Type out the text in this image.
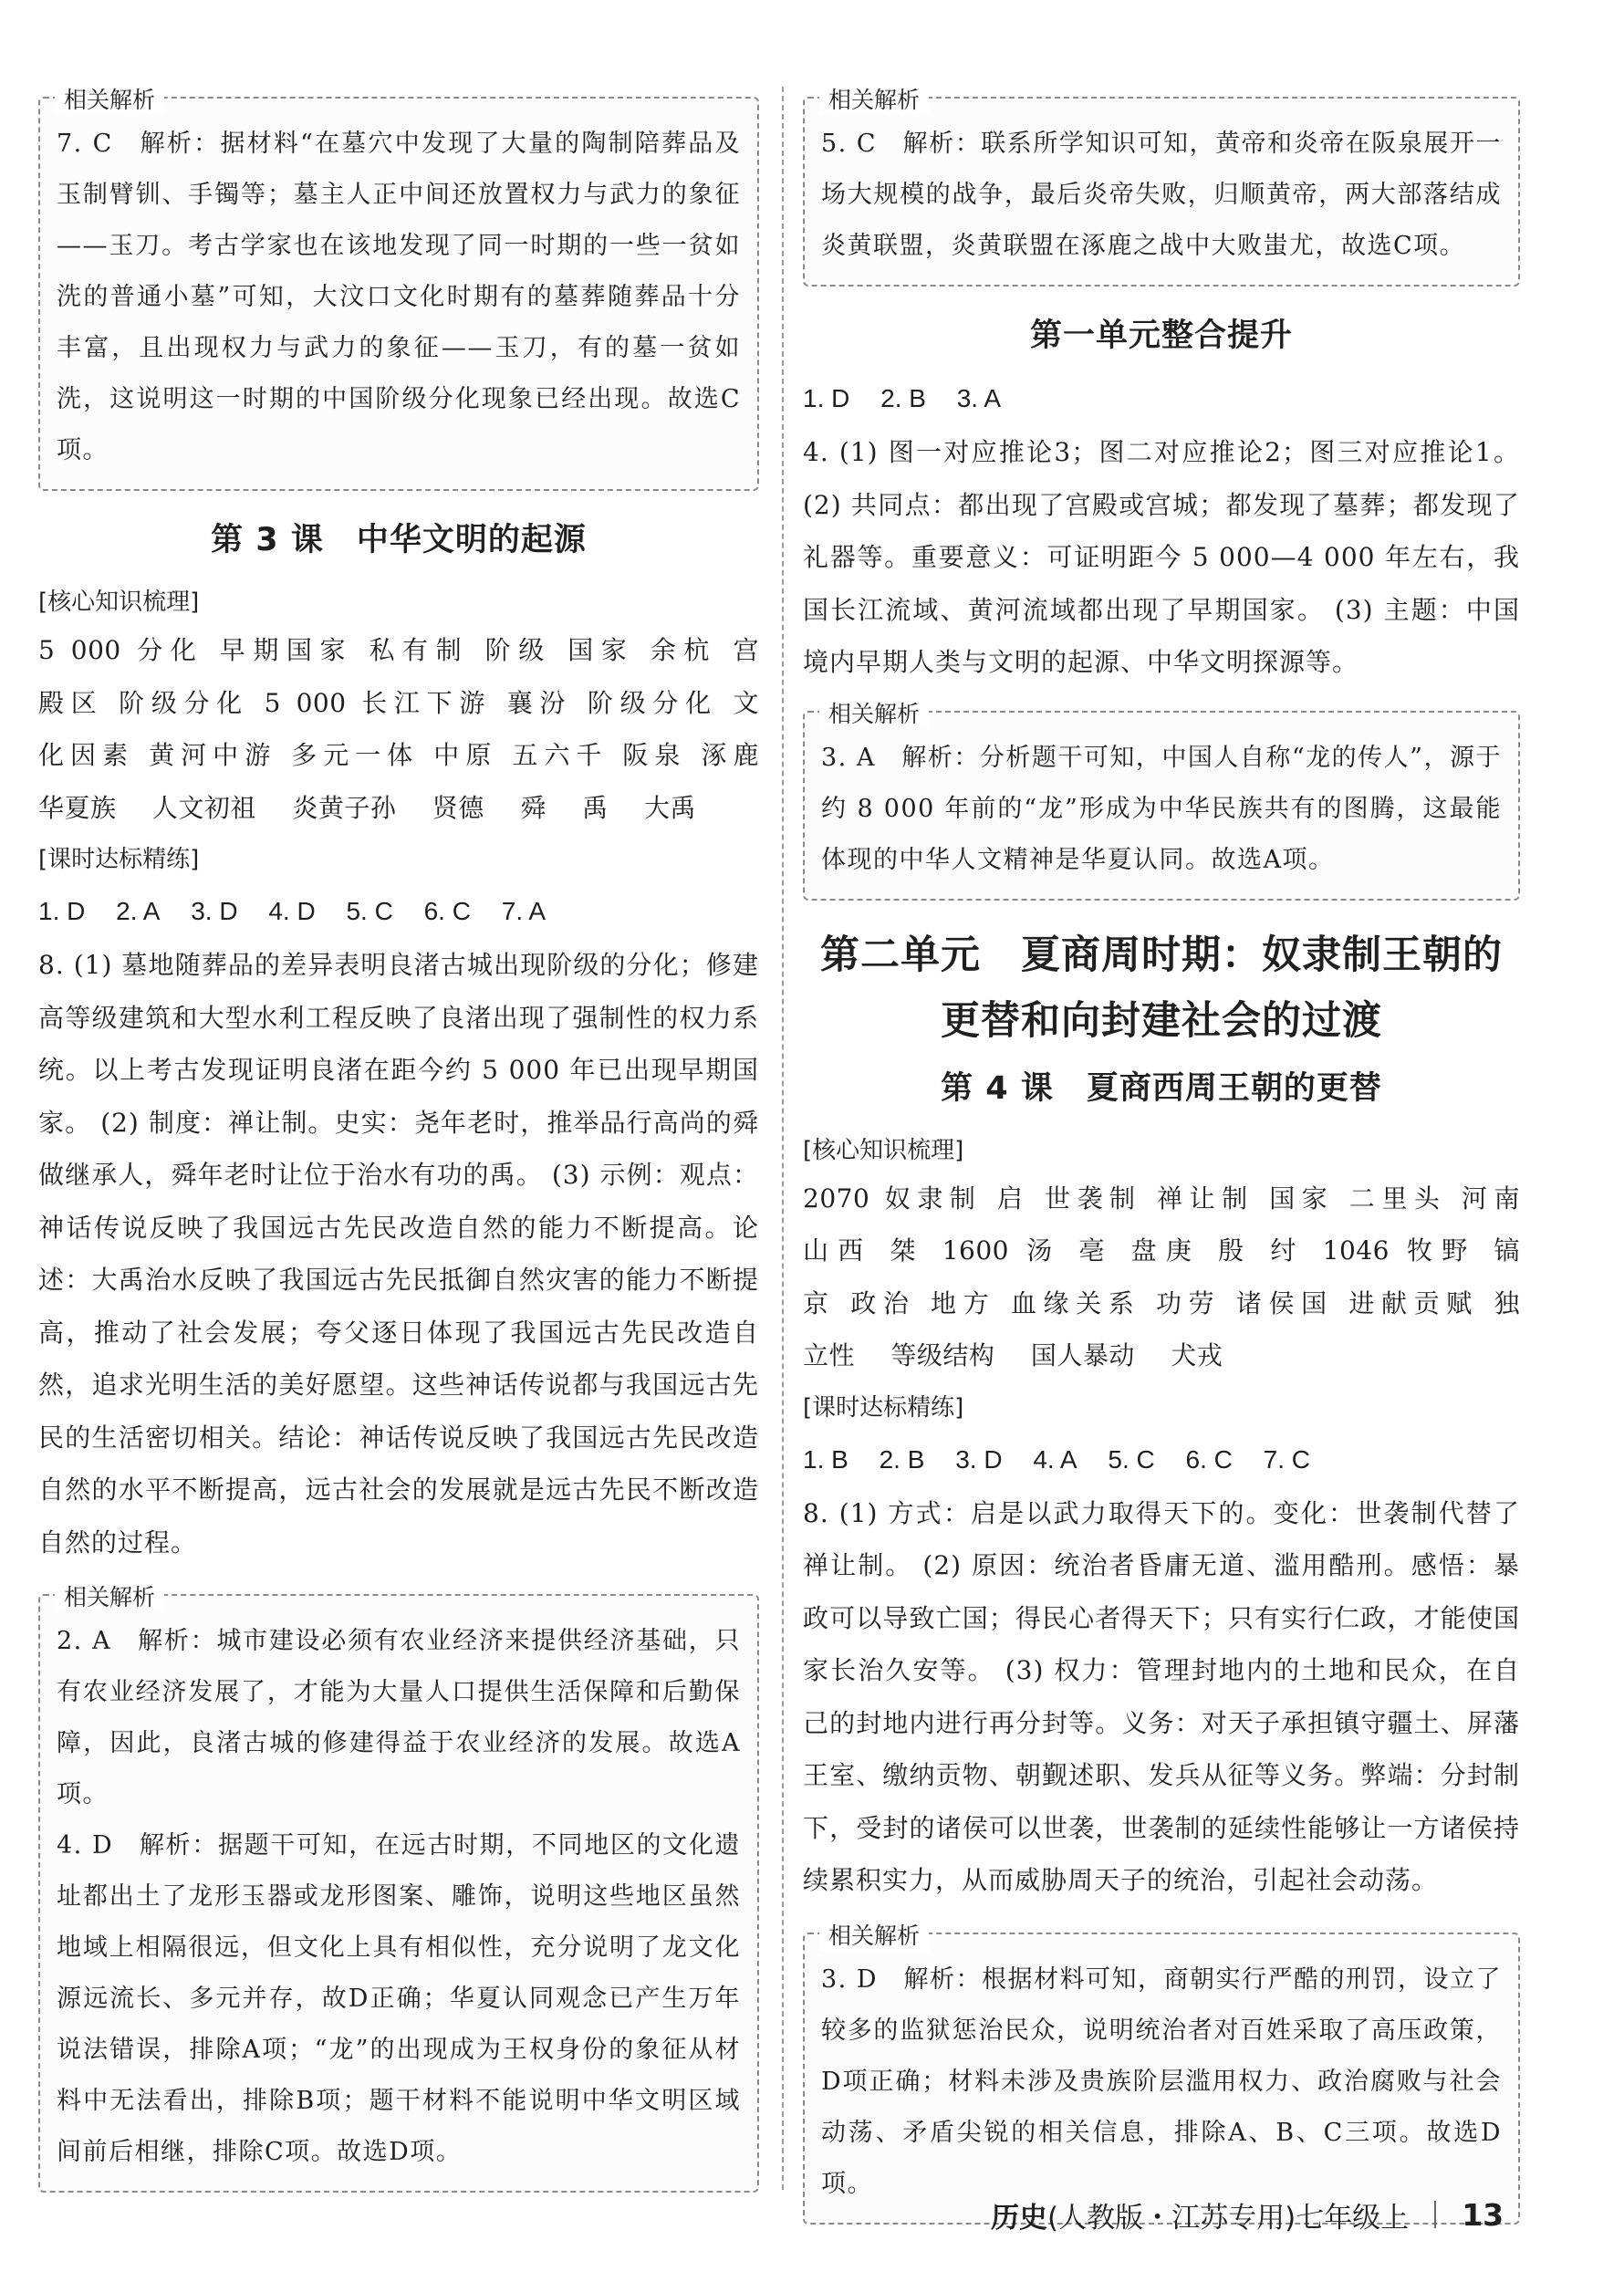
相关解析

7. C　解析：据材料“在墓穴中发现了大量的陶制陪葬品及玉制臂钏、手镯等；墓主人正中间还放置权力与武力的象征——玉刀。考古学家也在该地发现了同一时期的一些一贫如洗的普通小墓”可知，大汶口文化时期有的墓葬随葬品十分丰富，且出现权力与武力的象征——玉刀，有的墓一贫如洗，这说明这一时期的中国阶级分化现象已经出现。故选C项。

第 3 课　中华文明的起源
[核心知识梳理]

5 000 分化 早期国家 私有制 阶级 国家 余杭 宫

殿区 阶级分化 5 000 长江下游 襄汾 阶级分化 文

化因素 黄河中游 多元一体 中原 五六千 阪泉 涿鹿

华夏族 人文初祖 炎黄子孙 贤德 舜 禹 大禹

[课时达标精练]
1. D 2. A 3. D 4. D 5. C 6. C 7. A

8. (1) 墓地随葬品的差异表明良渚古城出现阶级的分化；修建高等级建筑和大型水利工程反映了良渚出现了强制性的权力系统。以上考古发现证明良渚在距今约 5 000 年已出现早期国家。 (2) 制度：禅让制。史实：尧年老时，推举品行高尚的舜做继承人，舜年老时让位于治水有功的禹。 (3) 示例：观点：神话传说反映了我国远古先民改造自然的能力不断提高。论述：大禹治水反映了我国远古先民抵御自然灾害的能力不断提高，推动了社会发展；夸父逐日体现了我国远古先民改造自然，追求光明生活的美好愿望。这些神话传说都与我国远古先民的生活密切相关。结论：神话传说反映了我国远古先民改造自然的水平不断提高，远古社会的发展就是远古先民不断改造自然的过程。

相关解析

2. A　解析：城市建设必须有农业经济来提供经济基础，只有农业经济发展了，才能为大量人口提供生活保障和后勤保障，因此，良渚古城的修建得益于农业经济的发展。故选A项。

4. D　解析：据题干可知，在远古时期，不同地区的文化遗址都出土了龙形玉器或龙形图案、雕饰，说明这些地区虽然地域上相隔很远，但文化上具有相似性，充分说明了龙文化源远流长、多元并存，故D正确；华夏认同观念已产生万年说法错误，排除A项；“龙”的出现成为王权身份的象征从材料中无法看出，排除B项；题干材料不能说明中华文明区域间前后相继，排除C项。故选D项。

相关解析

5. C　解析：联系所学知识可知，黄帝和炎帝在阪泉展开一场大规模的战争，最后炎帝失败，归顺黄帝，两大部落结成炎黄联盟，炎黄联盟在涿鹿之战中大败蚩尤，故选C项。

第一单元整合提升
1. D 2. B 3. A

4. (1) 图一对应推论3；图二对应推论2；图三对应推论1。 (2) 共同点：都出现了宫殿或宫城；都发现了墓葬；都发现了礼器等。重要意义：可证明距今 5 000—4 000 年左右，我国长江流域、黄河流域都出现了早期国家。 (3) 主题：中国境内早期人类与文明的起源、中华文明探源等。

相关解析

3. A　解析：分析题干可知，中国人自称“龙的传人”，源于约 8 000 年前的“龙”形成为中华民族共有的图腾，这最能体现的中华人文精神是华夏认同。故选A项。

第二单元　夏商周时期：奴隶制王朝的
更替和向封建社会的过渡
第 4 课　夏商西周王朝的更替
[核心知识梳理]

2070 奴隶制 启 世袭制 禅让制 国家 二里头 河南

山西 桀 1600 汤 亳 盘庚 殷 纣 1046 牧野 镐

京 政治 地方 血缘关系 功劳 诸侯国 进献贡赋 独

立性 等级结构 国人暴动 犬戎

[课时达标精练]
1. B 2. B 3. D 4. A 5. C 6. C 7. C

8. (1) 方式：启是以武力取得天下的。变化：世袭制代替了禅让制。 (2) 原因：统治者昏庸无道、滥用酷刑。感悟：暴政可以导致亡国；得民心者得天下；只有实行仁政，才能使国家长治久安等。 (3) 权力：管理封地内的土地和民众，在自己的封地内进行再分封等。义务：对天子承担镇守疆土、屏藩王室、缴纳贡物、朝觐述职、发兵从征等义务。弊端：分封制下，受封的诸侯可以世袭，世袭制的延续性能够让一方诸侯持续累积实力，从而威胁周天子的统治，引起社会动荡。

相关解析

3. D　解析：根据材料可知，商朝实行严酷的刑罚，设立了较多的监狱惩治民众，说明统治者对百姓采取了高压政策，D项正确；材料未涉及贵族阶层滥用权力、政治腐败与社会动荡、矛盾尖锐的相关信息，排除A、B、C三项。故选D项。

历史(人教版・江苏专用)七年级上 13
